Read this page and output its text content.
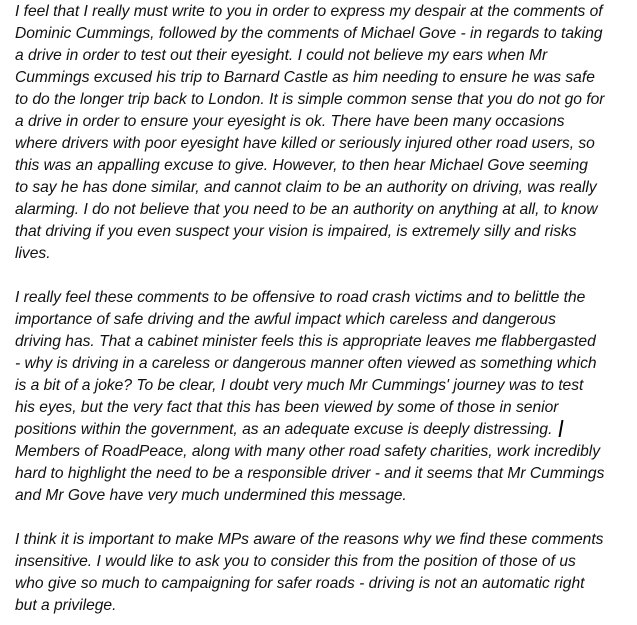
I feel that I really must write to you in order to express my despair at the comments of
Dominic Cummings, followed by the comments of Michael Gove - in regards to taking
a drive in order to test out their eyesight. I could not believe my ears when Mr
Cummings excused his trip to Barnard Castle as him needing to ensure he was safe
to do the longer trip back to London. It is simple common sense that you do not go for
a drive in order to ensure your eyesight is ok. There have been many occasions
where drivers with poor eyesight have killed or seriously injured other road users, so
this was an appalling excuse to give. However, to then hear Michael Gove seeming
to say he has done similar, and cannot claim to be an authority on driving, was really
alarming. I do not believe that you need to be an authority on anything at all, to know
that driving if you even suspect your vision is impaired, is extremely silly and risks
lives.
I really feel these comments to be offensive to road crash victims and to belittle the
importance of safe driving and the awful impact which careless and dangerous
driving has. That a cabinet minister feels this is appropriate leaves me flabbergasted
- why is driving in a careless or dangerous manner often viewed as something which
is a bit of a joke? To be clear, I doubt very much Mr Cummings' journey was to test
his eyes, but the very fact that this has been viewed by some of those in senior
positions within the government, as an adequate excuse is deeply distressing.
Members of RoadPeace, along with many other road safety charities, work incredibly
hard to highlight the need to be a responsible driver - and it seems that Mr Cummings
and Mr Gove have very much undermined this message.
I think it is important to make MPs aware of the reasons why we find these comments
insensitive. I would like to ask you to consider this from the position of those of us
who give so much to campaigning for safer roads - driving is not an automatic right
but a privilege.
